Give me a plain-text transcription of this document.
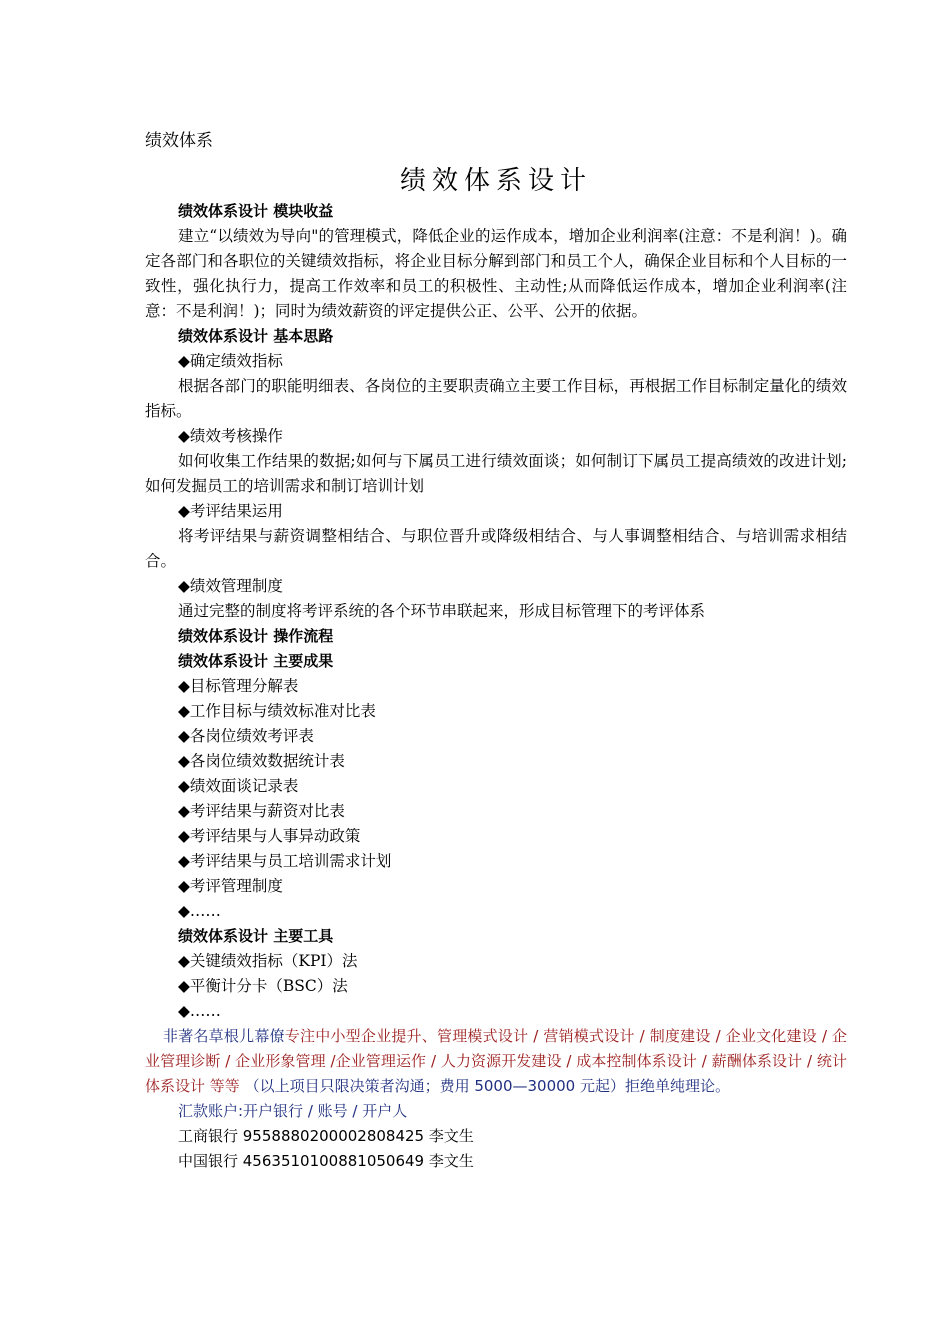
绩效体系
绩效体系设计
绩效体系设计 模块收益

建立“以绩效为导向"的管理模式，降低企业的运作成本，增加企业利润率(注意：不是利润！)。确定各部门和各职位的关键绩效指标，将企业目标分解到部门和员工个人，确保企业目标和个人目标的一致性，强化执行力，提高工作效率和员工的积极性、主动性;从而降低运作成本，增加企业利润率(注意：不是利润！)；同时为绩效薪资的评定提供公正、公平、公开的依据。

绩效体系设计 基本思路
◆确定绩效指标

根据各部门的职能明细表、各岗位的主要职责确立主要工作目标，再根据工作目标制定量化的绩效指标。

◆绩效考核操作

如何收集工作结果的数据;如何与下属员工进行绩效面谈；如何制订下属员工提高绩效的改进计划;如何发掘员工的培训需求和制订培训计划

◆考评结果运用

将考评结果与薪资调整相结合、与职位晋升或降级相结合、与人事调整相结合、与培训需求相结合。

◆绩效管理制度

通过完整的制度将考评系统的各个环节串联起来，形成目标管理下的考评体系

绩效体系设计 操作流程
绩效体系设计 主要成果
◆目标管理分解表
◆工作目标与绩效标准对比表
◆各岗位绩效考评表
◆各岗位绩效数据统计表
◆绩效面谈记录表
◆考评结果与薪资对比表
◆考评结果与人事异动政策
◆考评结果与员工培训需求计划
◆考评管理制度
◆……
绩效体系设计 主要工具
◆关键绩效指标（KPI）法
◆平衡计分卡（BSC）法
◆……

非著名草根儿幕僚专注中小型企业提升、管理模式设计 / 营销模式设计 / 制度建设 / 企业文化建设 / 企业管理诊断 / 企业形象管理 /企业管理运作 / 人力资源开发建设 / 成本控制体系设计 / 薪酬体系设计 / 统计体系设计 等等 （以上项目只限决策者沟通；费用 5000—30000 元起）拒绝单纯理论。

汇款账户:开户银行 / 账号 / 开户人
工商银行 9558880200002808425 李文生
中国银行 456351010088105064​9 李文生
